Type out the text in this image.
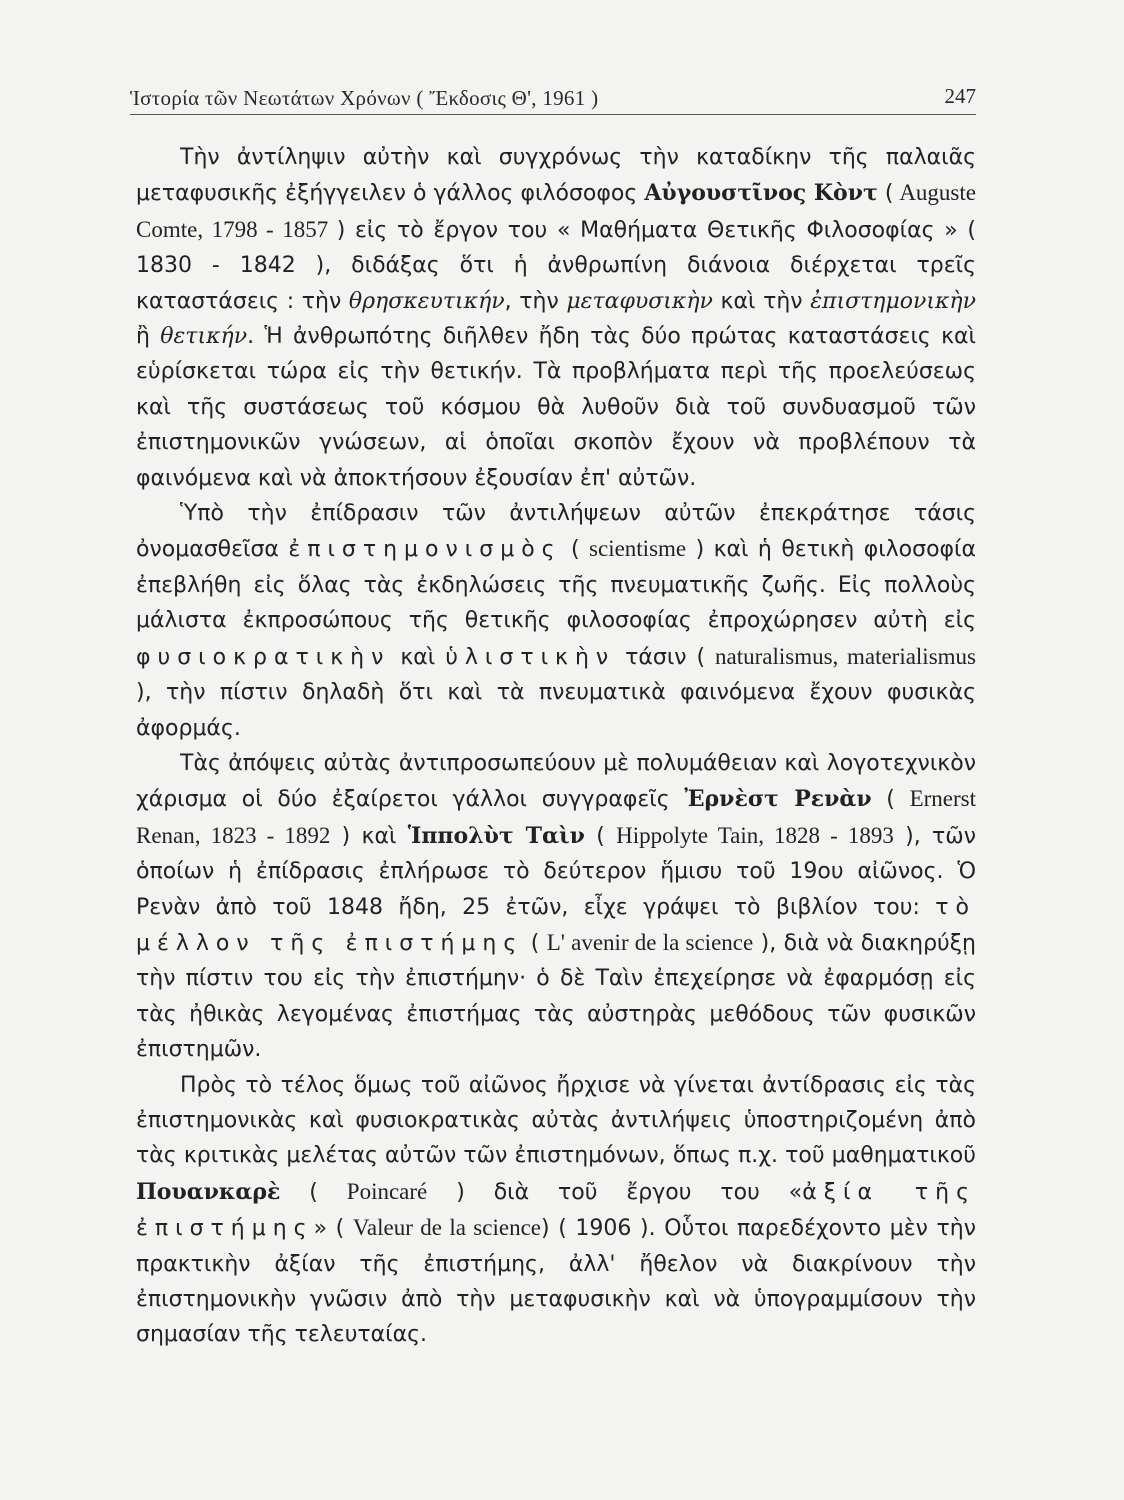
Ἱστορία τῶν Νεωτάτων Χρόνων ( Ἔκδοσις Θ', 1961 )	247

Τὴν ἀντίληψιν αὐτὴν καὶ συγχρόνως τὴν καταδίκην τῆς παλαιᾶς μεταφυσικῆς ἐξήγγειλεν ὁ γάλλος φιλόσοφος Αὐγουστῖνος Κὸντ ( Auguste Comte, 1798 - 1857 ) εἰς τὸ ἔργον του « Μαθήματα Θετικῆς Φιλοσοφίας » ( 1830 - 1842 ), διδάξας ὅτι ἡ ἀνθρωπίνη διάνοια διέρχεται τρεῖς καταστάσεις : τὴν θρησκευτικήν, τὴν μεταφυσικὴν καὶ τὴν ἐπιστημονικὴν ἢ θετικήν. Ἡ ἀνθρωπότης διῆλθεν ἤδη τὰς δύο πρώτας καταστάσεις καὶ εὑρίσκεται τώρα εἰς τὴν θετικήν. Τὰ προβλήματα περὶ τῆς προελεύσεως καὶ τῆς συστάσεως τοῦ κόσμου θὰ λυθοῦν διὰ τοῦ συνδυασμοῦ τῶν ἐπιστημονικῶν γνώσεων, αἱ ὁποῖαι σκοπὸν ἔχουν νὰ προβλέπουν τὰ φαινόμενα καὶ νὰ ἀποκτήσουν ἐξουσίαν ἐπ' αὐτῶν.

Ὑπὸ τὴν ἐπίδρασιν τῶν ἀντιλήψεων αὐτῶν ἐπεκράτησε τάσις ὀνομασθεῖσα ἐπιστημονισμὸς ( scientisme ) καὶ ἡ θετικὴ φιλοσοφία ἐπεβλήθη εἰς ὅλας τὰς ἐκδηλώσεις τῆς πνευματικῆς ζωῆς. Εἰς πολλοὺς μάλιστα ἐκπροσώπους τῆς θετικῆς φιλοσοφίας ἐπροχώρησεν αὐτὴ εἰς φυσιοκρατικὴν καὶ ὑλιστικὴν τάσιν ( naturalismus, materialismus ), τὴν πίστιν δηλαδὴ ὅτι καὶ τὰ πνευματικὰ φαινόμενα ἔχουν φυσικὰς ἀφορμάς.

Τὰς ἀπόψεις αὐτὰς ἀντιπροσωπεύουν μὲ πολυμάθειαν καὶ λογοτεχνικὸν χάρισμα οἱ δύο ἐξαίρετοι γάλλοι συγγραφεῖς Ἐρνὲστ Ρενὰν ( Ernerst Renan, 1823 - 1892 ) καὶ Ἱππολὺτ Ταὶν ( Hippolyte Tain, 1828 - 1893 ), τῶν ὁποίων ἡ ἐπίδρασις ἐπλήρωσε τὸ δεύτερον ἥμισυ τοῦ 19ου αἰῶνος. Ὁ Ρενὰν ἀπὸ τοῦ 1848 ἤδη, 25 ἐτῶν, εἶχε γράψει τὸ βιβλίον του: τὸ μέλλον τῆς ἐπιστήμης ( L' avenir de la science ), διὰ νὰ διακηρύξῃ τὴν πίστιν του εἰς τὴν ἐπιστήμην· ὁ δὲ Ταὶν ἐπεχείρησε νὰ ἐφαρμόσῃ εἰς τὰς ἠθικὰς λεγομένας ἐπιστήμας τὰς αὐστηρὰς μεθόδους τῶν φυσικῶν ἐπιστημῶν.

Πρὸς τὸ τέλος ὅμως τοῦ αἰῶνος ἤρχισε νὰ γίνεται ἀντίδρασις εἰς τὰς ἐπιστημονικὰς καὶ φυσιοκρατικὰς αὐτὰς ἀντιλήψεις ὑποστηριζομένη ἀπὸ τὰς κριτικὰς μελέτας αὐτῶν τῶν ἐπιστημόνων, ὅπως π.χ. τοῦ μαθηματικοῦ Πουανκαρὲ ( Poincaré ) διὰ τοῦ ἔργου του «ἀξία τῆς ἐπιστήμης» ( Valeur de la science) ( 1906 ). Οὗτοι παρεδέχοντο μὲν τὴν πρακτικὴν ἀξίαν τῆς ἐπιστήμης, ἀλλ' ἤθελον νὰ διακρίνουν τὴν ἐπιστημονικὴν γνῶσιν ἀπὸ τὴν μεταφυσικὴν καὶ νὰ ὑπογραμμίσουν τὴν σημασίαν τῆς τελευταίας.
